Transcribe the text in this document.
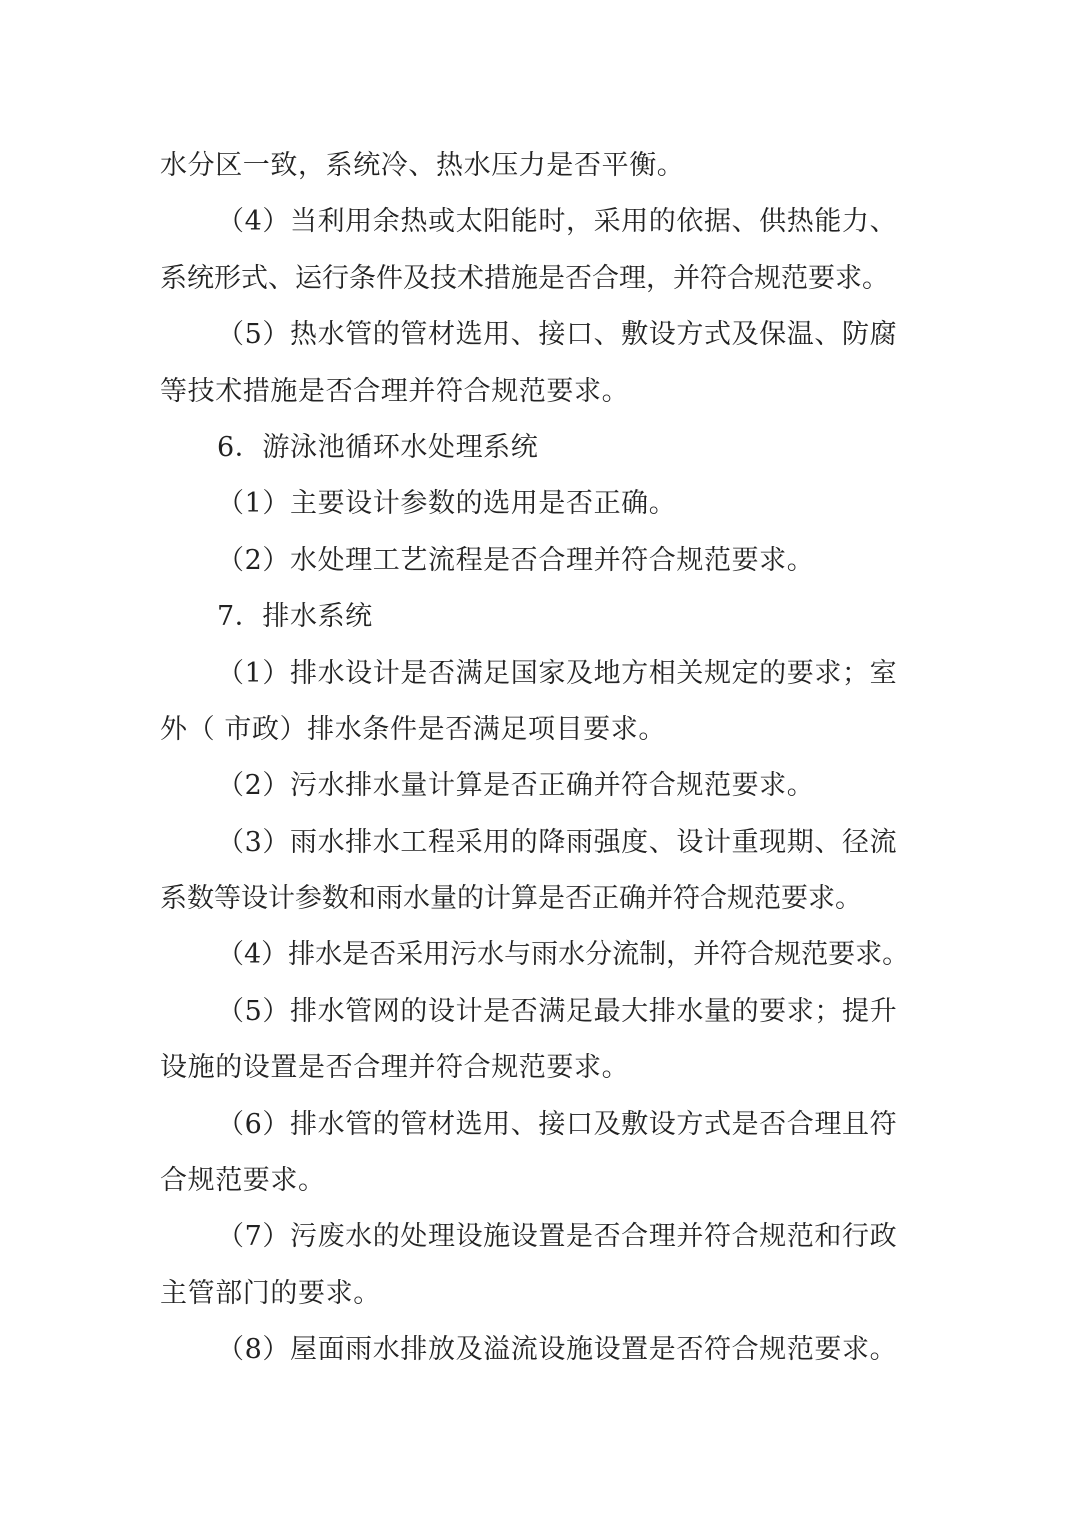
水分区一致，系统冷、热水压力是否平衡。
（4）当利用余热或太阳能时，采用的依据、供热能力、
系统形式、运行条件及技术措施是否合理，并符合规范要求。
（5）热水管的管材选用、接口、敷设方式及保温、防腐
等技术措施是否合理并符合规范要求。
6．游泳池循环水处理系统
（1）主要设计参数的选用是否正确。
（2）水处理工艺流程是否合理并符合规范要求。
7．排水系统
（1）排水设计是否满足国家及地方相关规定的要求；室
外（ 市政）排水条件是否满足项目要求。
（2）污水排水量计算是否正确并符合规范要求。
（3）雨水排水工程采用的降雨强度、设计重现期、径流
系数等设计参数和雨水量的计算是否正确并符合规范要求。
（4）排水是否采用污水与雨水分流制，并符合规范要求。
（5）排水管网的设计是否满足最大排水量的要求；提升
设施的设置是否合理并符合规范要求。
（6）排水管的管材选用、接口及敷设方式是否合理且符
合规范要求。
（7）污废水的处理设施设置是否合理并符合规范和行政
主管部门的要求。
（8）屋面雨水排放及溢流设施设置是否符合规范要求。
